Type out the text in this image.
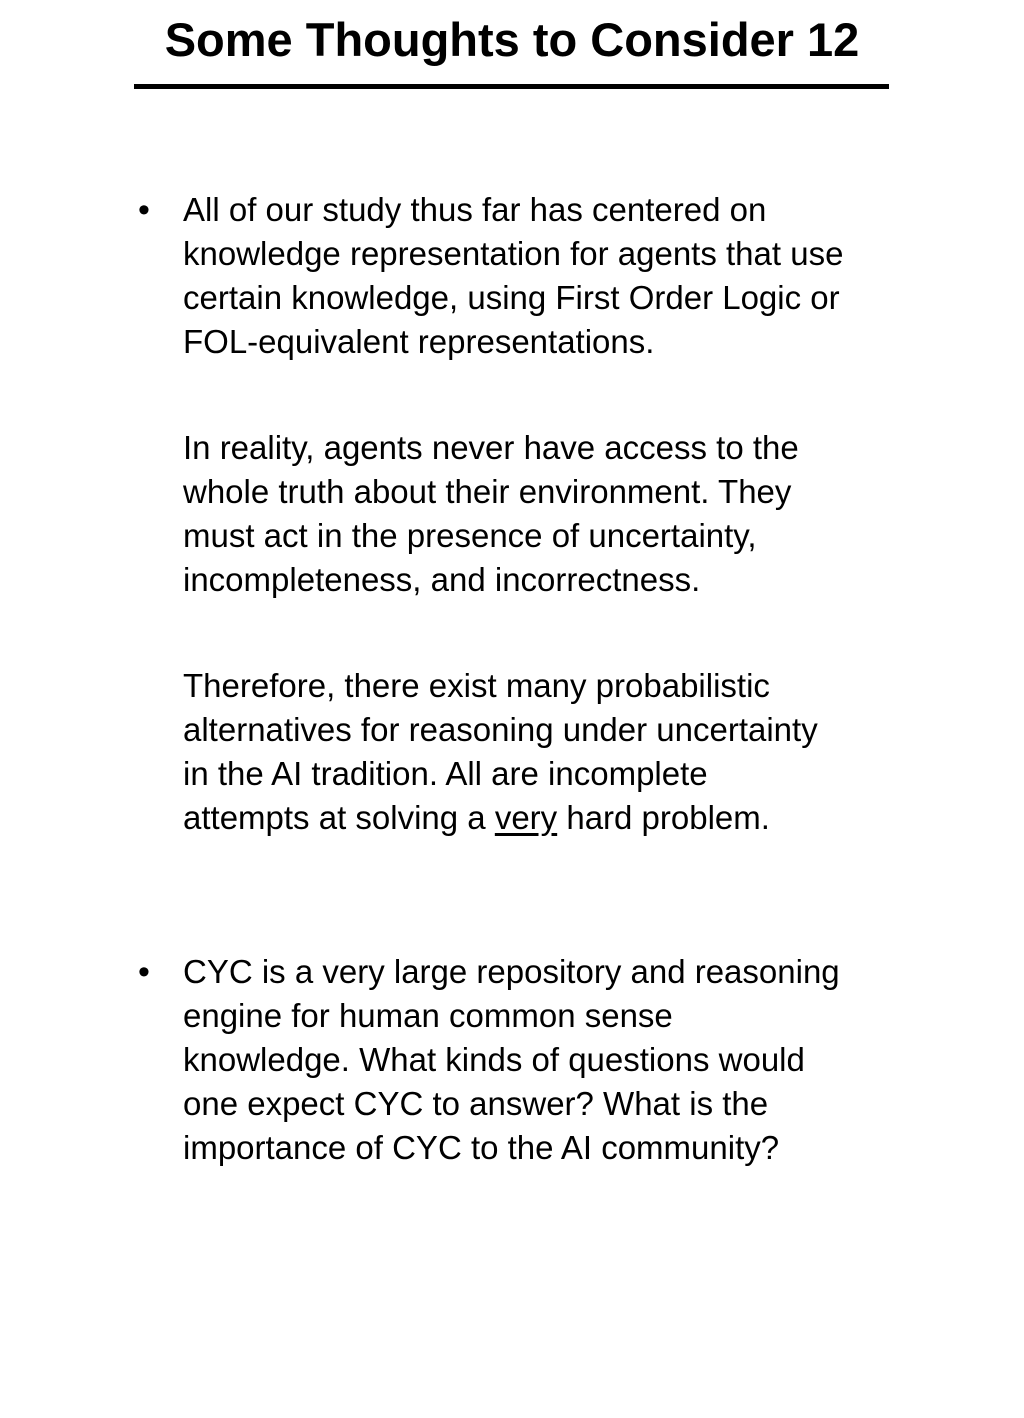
Some Thoughts to Consider 12
• All of our study thus far has centered on
knowledge representation for agents that use
certain knowledge, using First Order Logic or
FOL-equivalent representations.

In reality, agents never have access to the
whole truth about their environment. They
must act in the presence of uncertainty,
incompleteness, and incorrectness.

Therefore, there exist many probabilistic
alternatives for reasoning under uncertainty
in the AI tradition. All are incomplete
attempts at solving a very hard problem.

• CYC is a very large repository and reasoning
engine for human common sense
knowledge. What kinds of questions would
one expect CYC to answer? What is the
importance of CYC to the AI community?
